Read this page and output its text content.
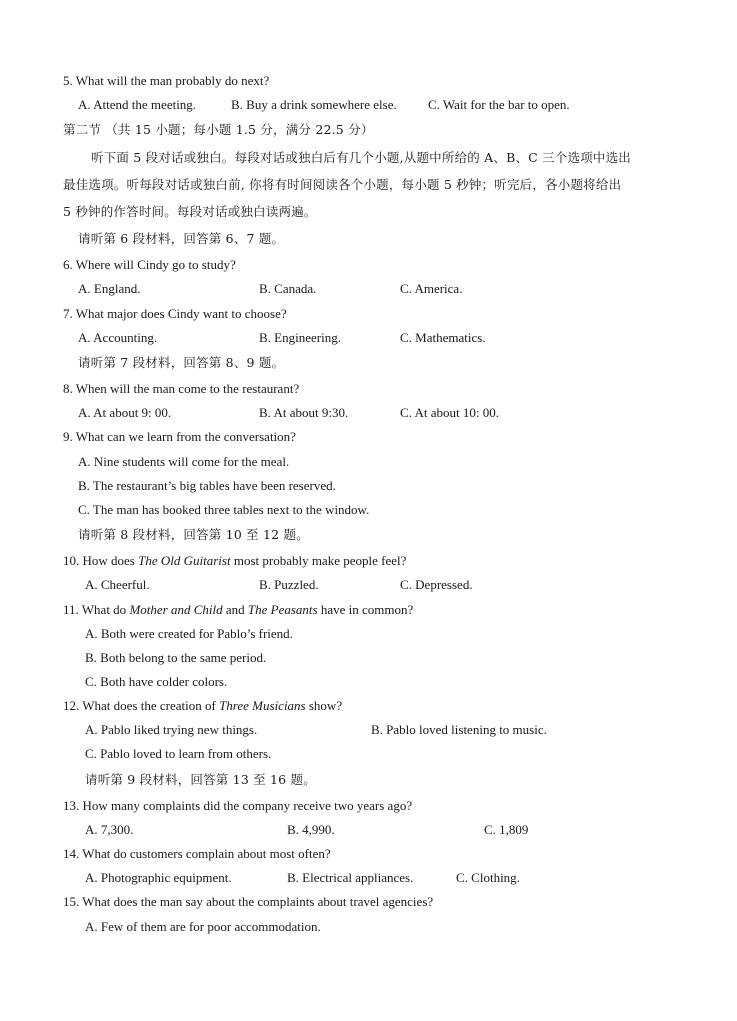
5. What will the man probably do next?
A. Attend the meeting.	B. Buy a drink somewhere else. C. Wait for the bar to open.
第二节 （共 15 小题；每小题 1.5 分，满分 22.5 分）
听下面 5 段对话或独白。每段对话或独白后有几个小题,从题中所给的 A、B、C 三个选项中选出
最佳选项。听每段对话或独白前, 你将有时间阅读各个小题，每小题 5 秒钟；听完后，各小题将给出
5 秒钟的作答时间。每段对话或独白读两遍。
请听第 6 段材料，回答第 6、7 题。
6. Where will Cindy go to study?
A. England.	B. Canada.	C. America.
7. What major does Cindy want to choose?
A. Accounting.	B. Engineering.	C. Mathematics.
请听第 7 段材料，回答第 8、9 题。
8. When will the man come to the restaurant?
A. At about 9: 00.	B. At about 9:30.	C. At about 10: 00.
9. What can we learn from the conversation?
A. Nine students will come for the meal.
B. The restaurant’s big tables have been reserved.
C. The man has booked three tables next to the window.
请听第 8 段材料，回答第 10 至 12 题。
10. How does The Old Guitarist most probably make people feel?
A. Cheerful.	B. Puzzled.	C. Depressed.
11. What do Mother and Child and The Peasants have in common?
A. Both were created for Pablo’s friend.
B. Both belong to the same period.
C. Both have colder colors.
12. What does the creation of Three Musicians show?
A. Pablo liked trying new things.	B. Pablo loved listening to music.
C. Pablo loved to learn from others.
请听第 9 段材料，回答第 13 至 16 题。
13. How many complaints did the company receive two years ago?
A. 7,300.	B. 4,990.	C. 1,809
14. What do customers complain about most often?
A. Photographic equipment.	B. Electrical appliances.	C. Clothing.
15. What does the man say about the complaints about travel agencies?
A. Few of them are for poor accommodation.
